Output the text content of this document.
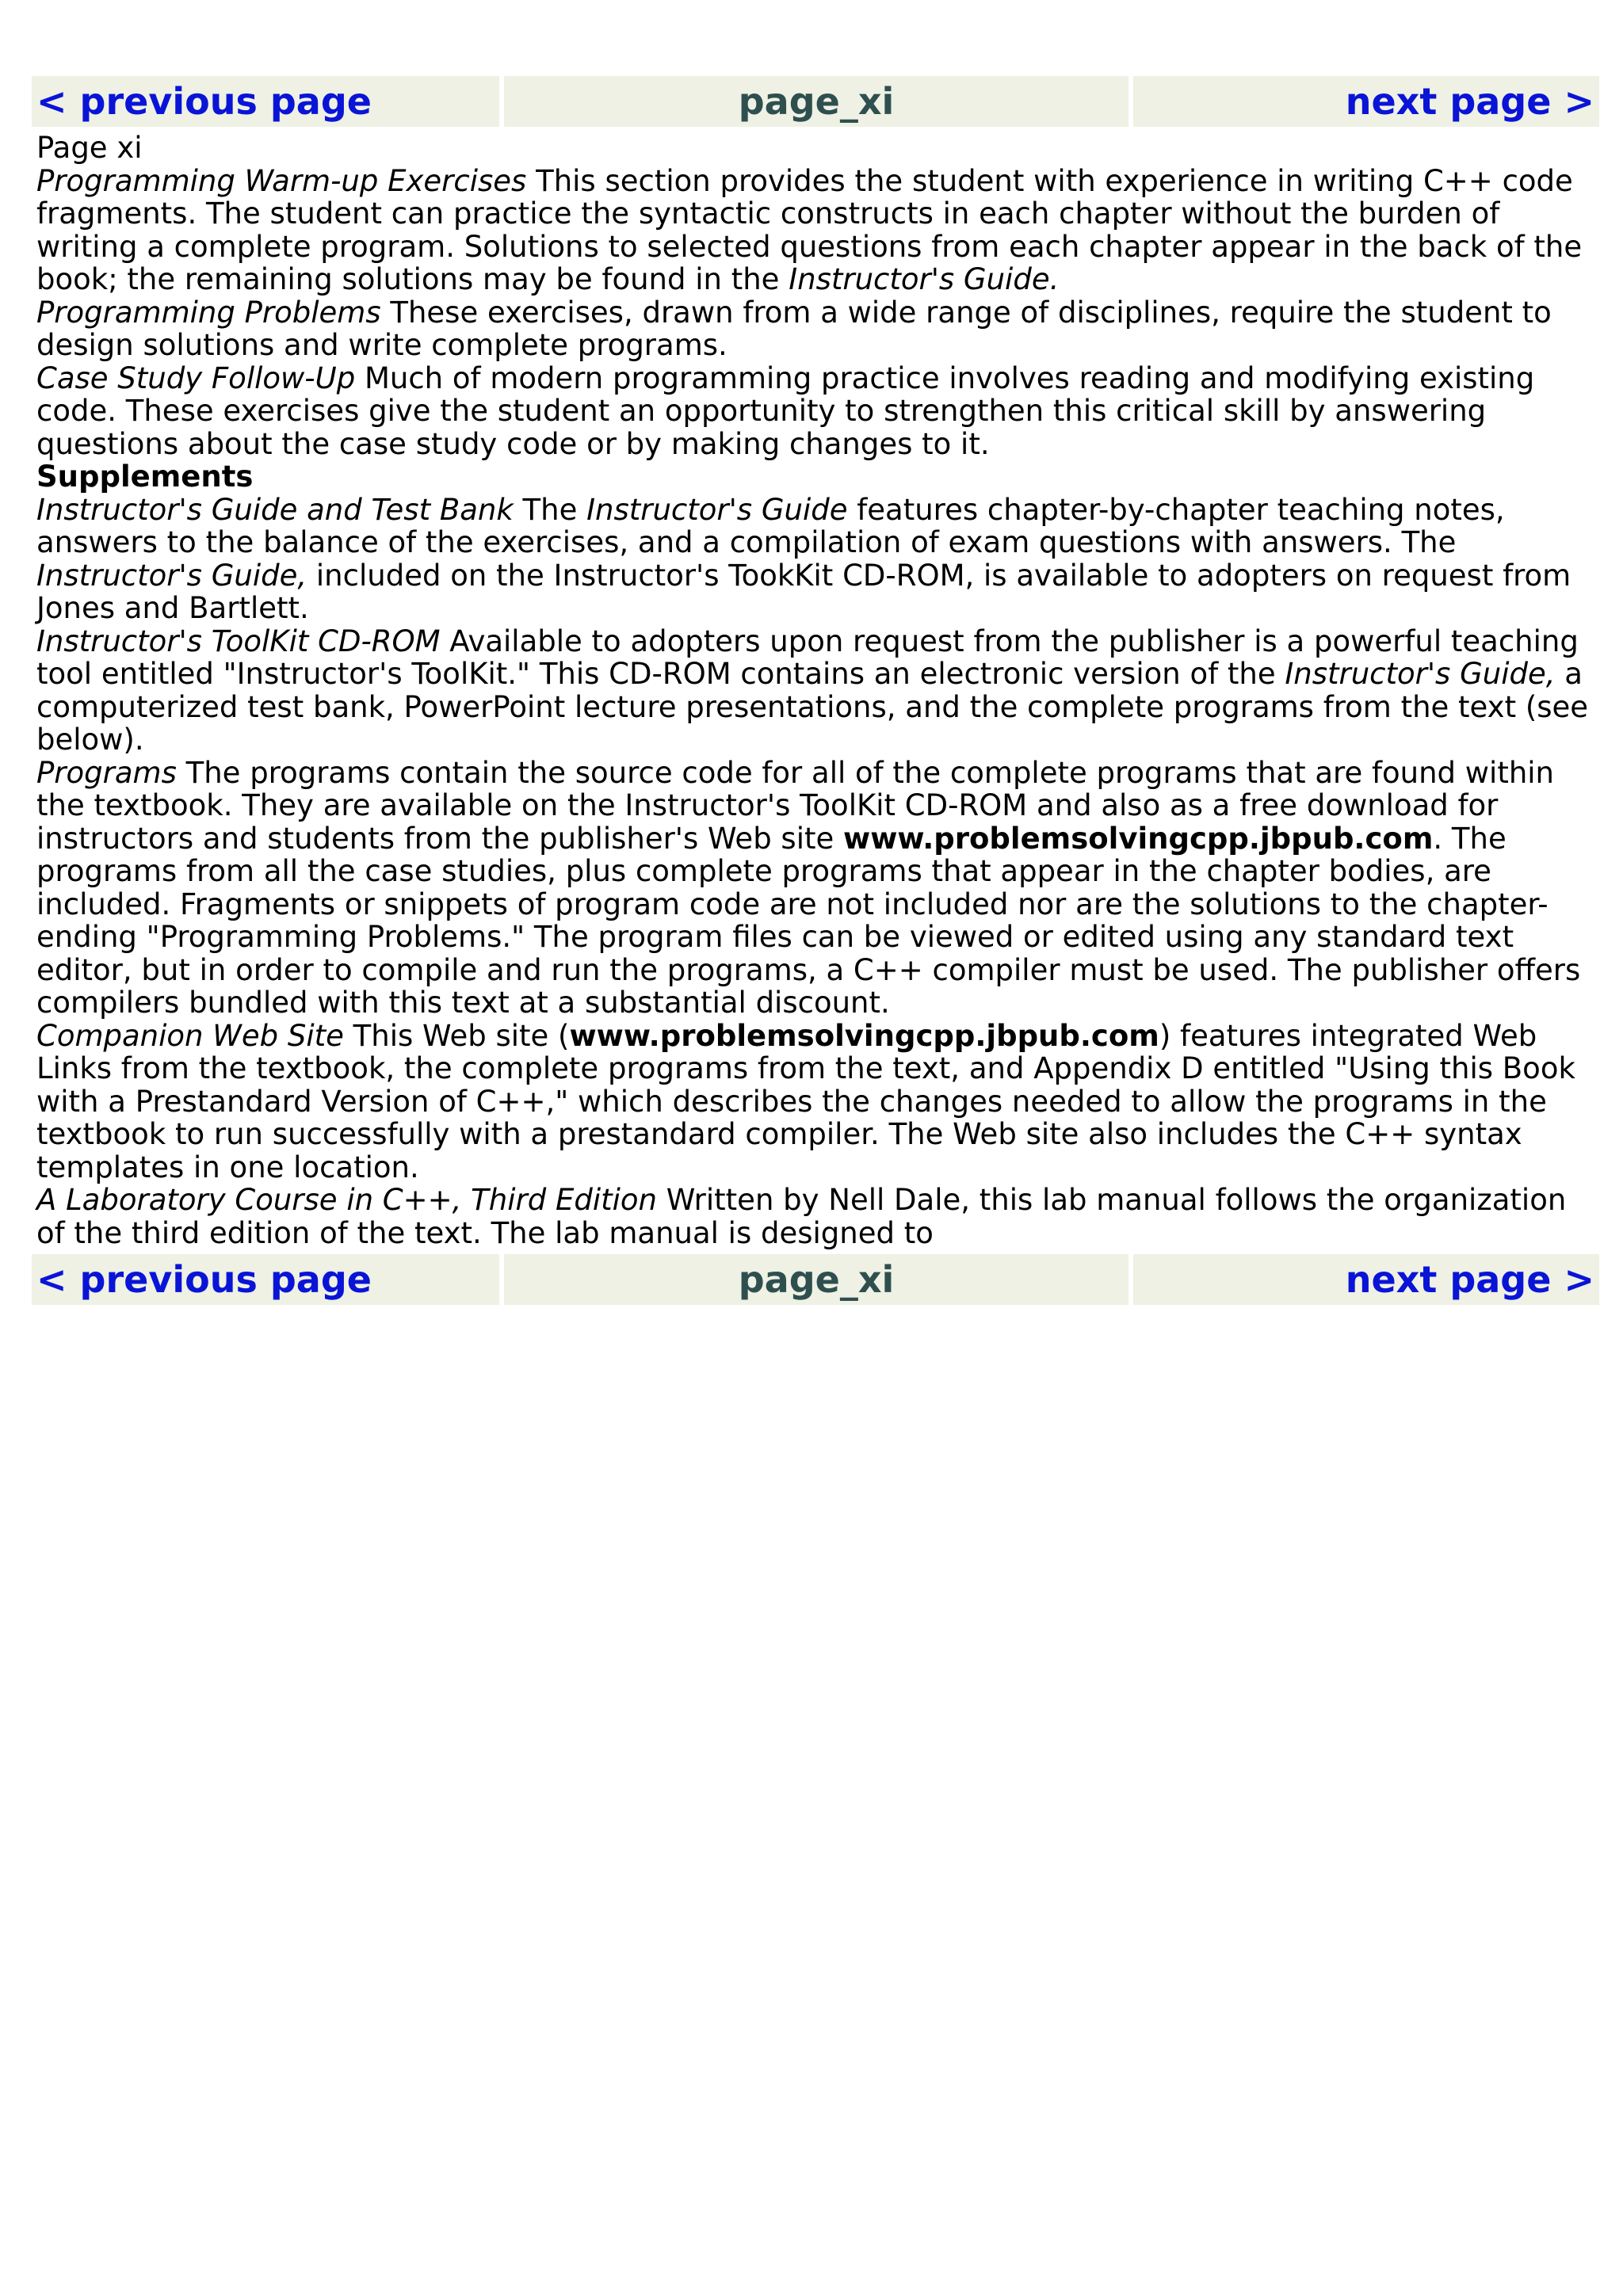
< previous page	page_xi	next page >

Page xi

Programming Warm-up Exercises This section provides the student with experience in writing C++ code fragments. The student can practice the syntactic constructs in each chapter without the burden of writing a complete program. Solutions to selected questions from each chapter appear in the back of the book; the remaining solutions may be found in the Instructor's Guide.

Programming Problems These exercises, drawn from a wide range of disciplines, require the student to design solutions and write complete programs.

Case Study Follow-Up Much of modern programming practice involves reading and modifying existing code. These exercises give the student an opportunity to strengthen this critical skill by answering questions about the case study code or by making changes to it.

Supplements

Instructor's Guide and Test Bank The Instructor's Guide features chapter-by-chapter teaching notes, answers to the balance of the exercises, and a compilation of exam questions with answers. The Instructor's Guide, included on the Instructor's TookKit CD-ROM, is available to adopters on request from Jones and Bartlett.

Instructor's ToolKit CD-ROM Available to adopters upon request from the publisher is a powerful teaching tool entitled "Instructor's ToolKit." This CD-ROM contains an electronic version of the Instructor's Guide, a computerized test bank, PowerPoint lecture presentations, and the complete programs from the text (see below).

Programs The programs contain the source code for all of the complete programs that are found within the textbook. They are available on the Instructor's ToolKit CD-ROM and also as a free download for instructors and students from the publisher's Web site www.problemsolvingcpp.jbpub.com. The programs from all the case studies, plus complete programs that appear in the chapter bodies, are included. Fragments or snippets of program code are not included nor are the solutions to the chapter-ending "Programming Problems." The program files can be viewed or edited using any standard text editor, but in order to compile and run the programs, a C++ compiler must be used. The publisher offers compilers bundled with this text at a substantial discount.

Companion Web Site This Web site (www.problemsolvingcpp.jbpub.com) features integrated Web Links from the textbook, the complete programs from the text, and Appendix D entitled "Using this Book with a Prestandard Version of C++," which describes the changes needed to allow the programs in the textbook to run successfully with a prestandard compiler. The Web site also includes the C++ syntax templates in one location.

A Laboratory Course in C++, Third Edition Written by Nell Dale, this lab manual follows the organization of the third edition of the text. The lab manual is designed to

< previous page	page_xi	next page >
